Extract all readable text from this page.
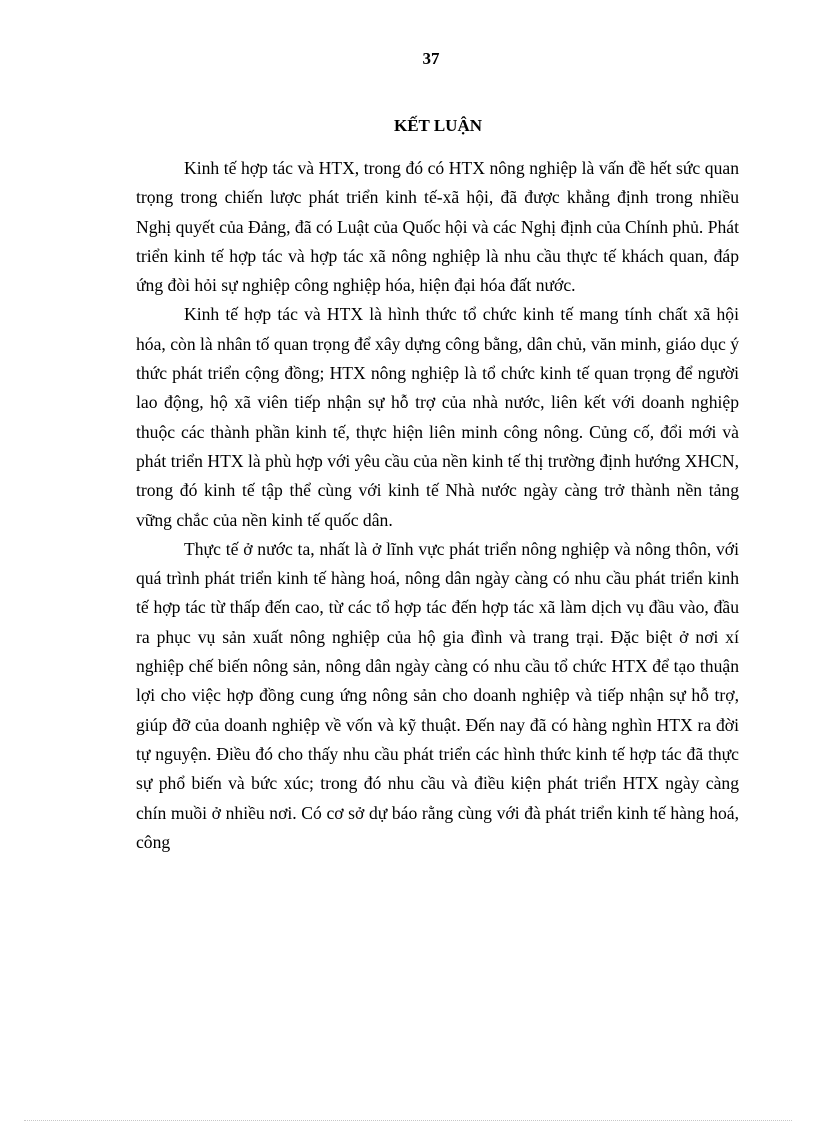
37
KẾT LUẬN

Kinh tế hợp tác và HTX, trong đó có HTX nông nghiệp là vấn đề hết sức quan trọng trong chiến lược phát triển kinh tế-xã hội, đã được khẳng định trong nhiều Nghị quyết của Đảng, đã có Luật của Quốc hội và các Nghị định của Chính phủ. Phát triển kinh tế hợp tác và hợp tác xã nông nghiệp là nhu cầu thực tế khách quan, đáp ứng đòi hỏi sự nghiệp công nghiệp hóa, hiện đại hóa đất nước.

Kinh tế hợp tác và HTX là hình thức tổ chức kinh tế mang tính chất xã hội hóa, còn là nhân tố quan trọng để xây dựng công bằng, dân chủ, văn minh, giáo dục ý thức phát triển cộng đồng; HTX nông nghiệp là tổ chức kinh tế quan trọng để người lao động, hộ xã viên tiếp nhận sự hỗ trợ của nhà nước, liên kết với doanh nghiệp thuộc các thành phần kinh tế, thực hiện liên minh công nông. Củng cố, đổi mới và phát triển HTX là phù hợp với yêu cầu của nền kinh tế thị trường định hướng XHCN, trong đó kinh tế tập thể cùng với kinh tế Nhà nước ngày càng trở thành nền tảng vững chắc của nền kinh tế quốc dân.

Thực tế ở nước ta, nhất là ở lĩnh vực phát triển nông nghiệp và nông thôn, với quá trình phát triển kinh tế hàng hoá, nông dân ngày càng có nhu cầu phát triển kinh tế hợp tác từ thấp đến cao, từ các tổ hợp tác đến hợp tác xã làm dịch vụ đầu vào, đầu ra phục vụ sản xuất nông nghiệp của hộ gia đình và trang trại. Đặc biệt ở nơi xí nghiệp chế biến nông sản, nông dân ngày càng có nhu cầu tổ chức HTX để tạo thuận lợi cho việc hợp đồng cung ứng nông sản cho doanh nghiệp và tiếp nhận sự hỗ trợ, giúp đỡ của doanh nghiệp về vốn và kỹ thuật. Đến nay đã có hàng nghìn HTX ra đời tự nguyện. Điều đó cho thấy nhu cầu phát triển các hình thức kinh tế hợp tác đã thực sự phổ biến và bức xúc; trong đó nhu cầu và điều kiện phát triển HTX ngày càng chín muồi ở nhiều nơi. Có cơ sở dự báo rằng cùng với đà phát triển kinh tế hàng hoá, công
